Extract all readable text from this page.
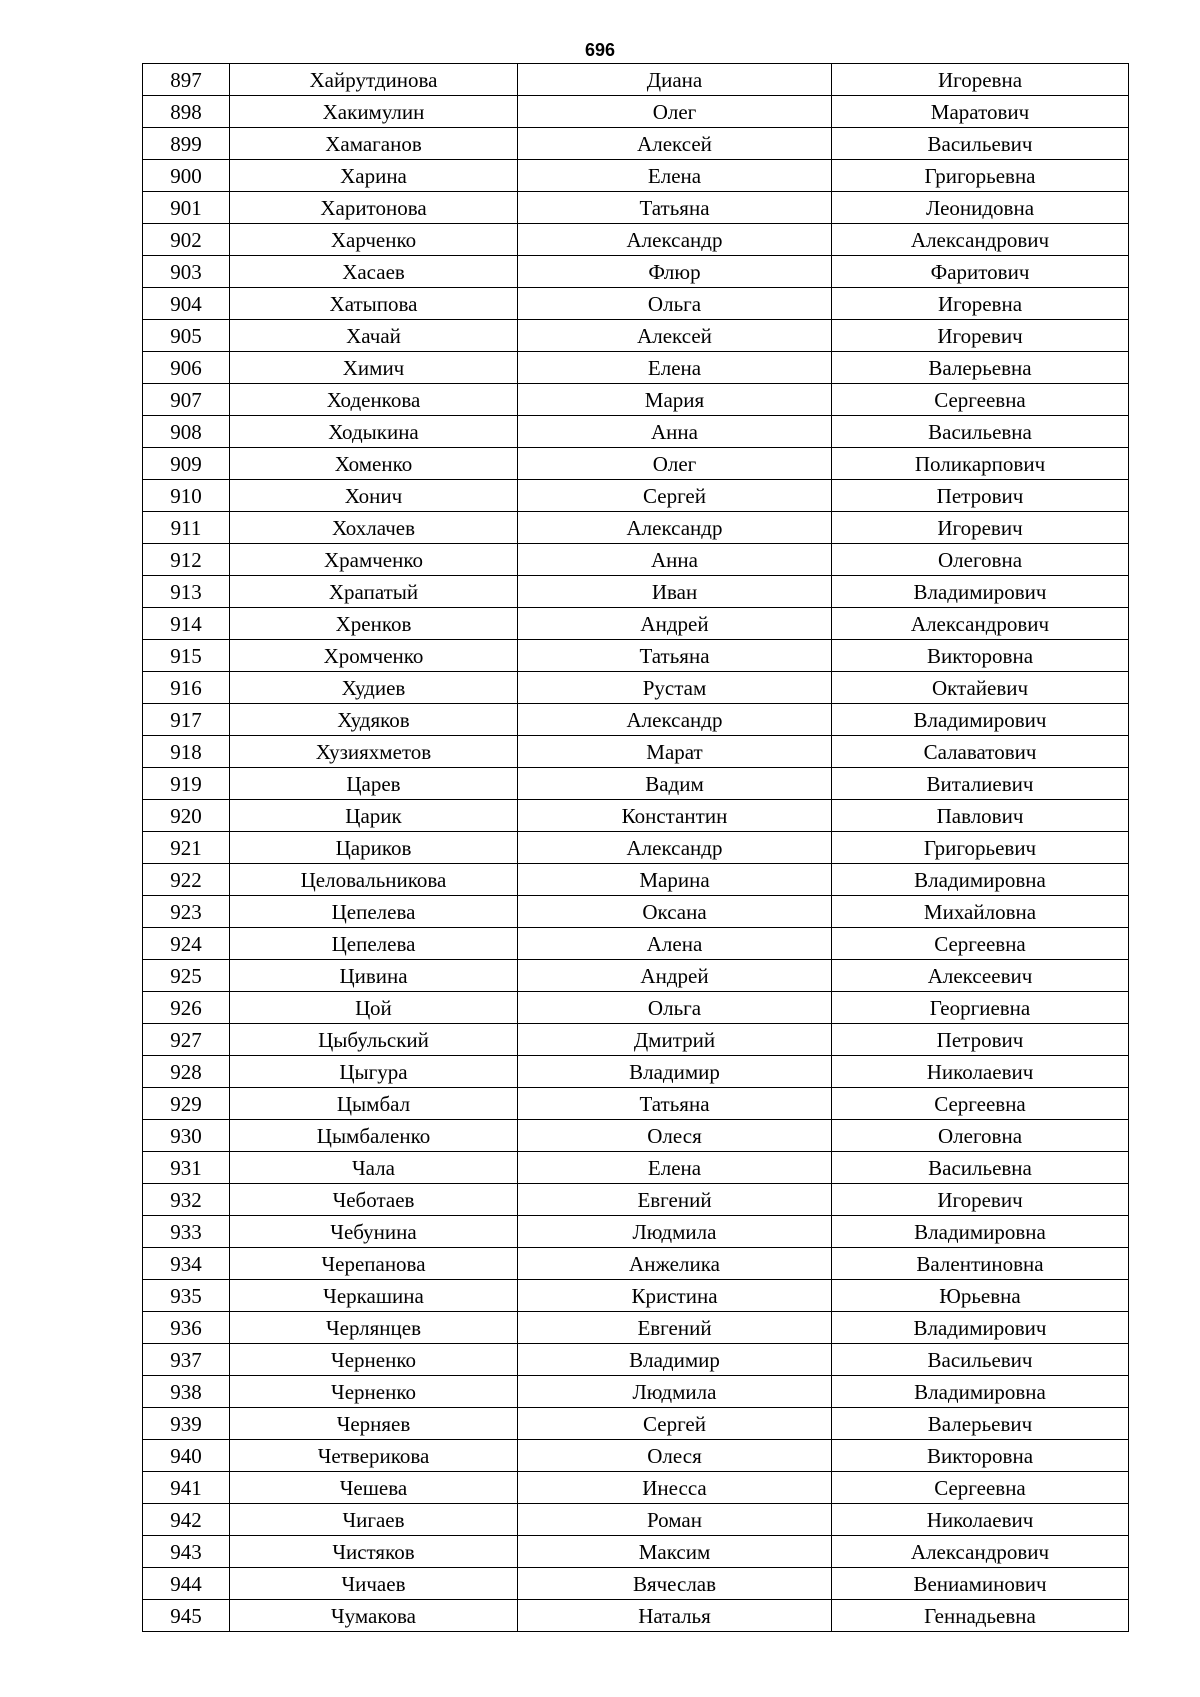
696
897	Хайрутдинова	Диана	Игоревна
898	Хакимулин	Олег	Маратович
899	Хамаганов	Алексей	Васильевич
900	Харина	Елена	Григорьевна
901	Харитонова	Татьяна	Леонидовна
902	Харченко	Александр	Александрович
903	Хасаев	Флюр	Фаритович
904	Хатыпова	Ольга	Игоревна
905	Хачай	Алексей	Игоревич
906	Химич	Елена	Валерьевна
907	Ходенкова	Мария	Сергеевна
908	Ходыкина	Анна	Васильевна
909	Хоменко	Олег	Поликарпович
910	Хонич	Сергей	Петрович
911	Хохлачев	Александр	Игоревич
912	Храмченко	Анна	Олеговна
913	Храпатый	Иван	Владимирович
914	Хренков	Андрей	Александрович
915	Хромченко	Татьяна	Викторовна
916	Худиев	Рустам	Октайевич
917	Худяков	Александр	Владимирович
918	Хузияхметов	Марат	Салаватович
919	Царев	Вадим	Виталиевич
920	Царик	Константин	Павлович
921	Цариков	Александр	Григорьевич
922	Целовальникова	Марина	Владимировна
923	Цепелева	Оксана	Михайловна
924	Цепелева	Алена	Сергеевна
925	Цивина	Андрей	Алексеевич
926	Цой	Ольга	Георгиевна
927	Цыбульский	Дмитрий	Петрович
928	Цыгура	Владимир	Николаевич
929	Цымбал	Татьяна	Сергеевна
930	Цымбаленко	Олеся	Олеговна
931	Чала	Елена	Васильевна
932	Чеботаев	Евгений	Игоревич
933	Чебунина	Людмила	Владимировна
934	Черепанова	Анжелика	Валентиновна
935	Черкашина	Кристина	Юрьевна
936	Черлянцев	Евгений	Владимирович
937	Черненко	Владимир	Васильевич
938	Черненко	Людмила	Владимировна
939	Черняев	Сергей	Валерьевич
940	Четверикова	Олеся	Викторовна
941	Чешева	Инесса	Сергеевна
942	Чигаев	Роман	Николаевич
943	Чистяков	Максим	Александрович
944	Чичаев	Вячеслав	Вениаминович
945	Чумакова	Наталья	Геннадьевна
